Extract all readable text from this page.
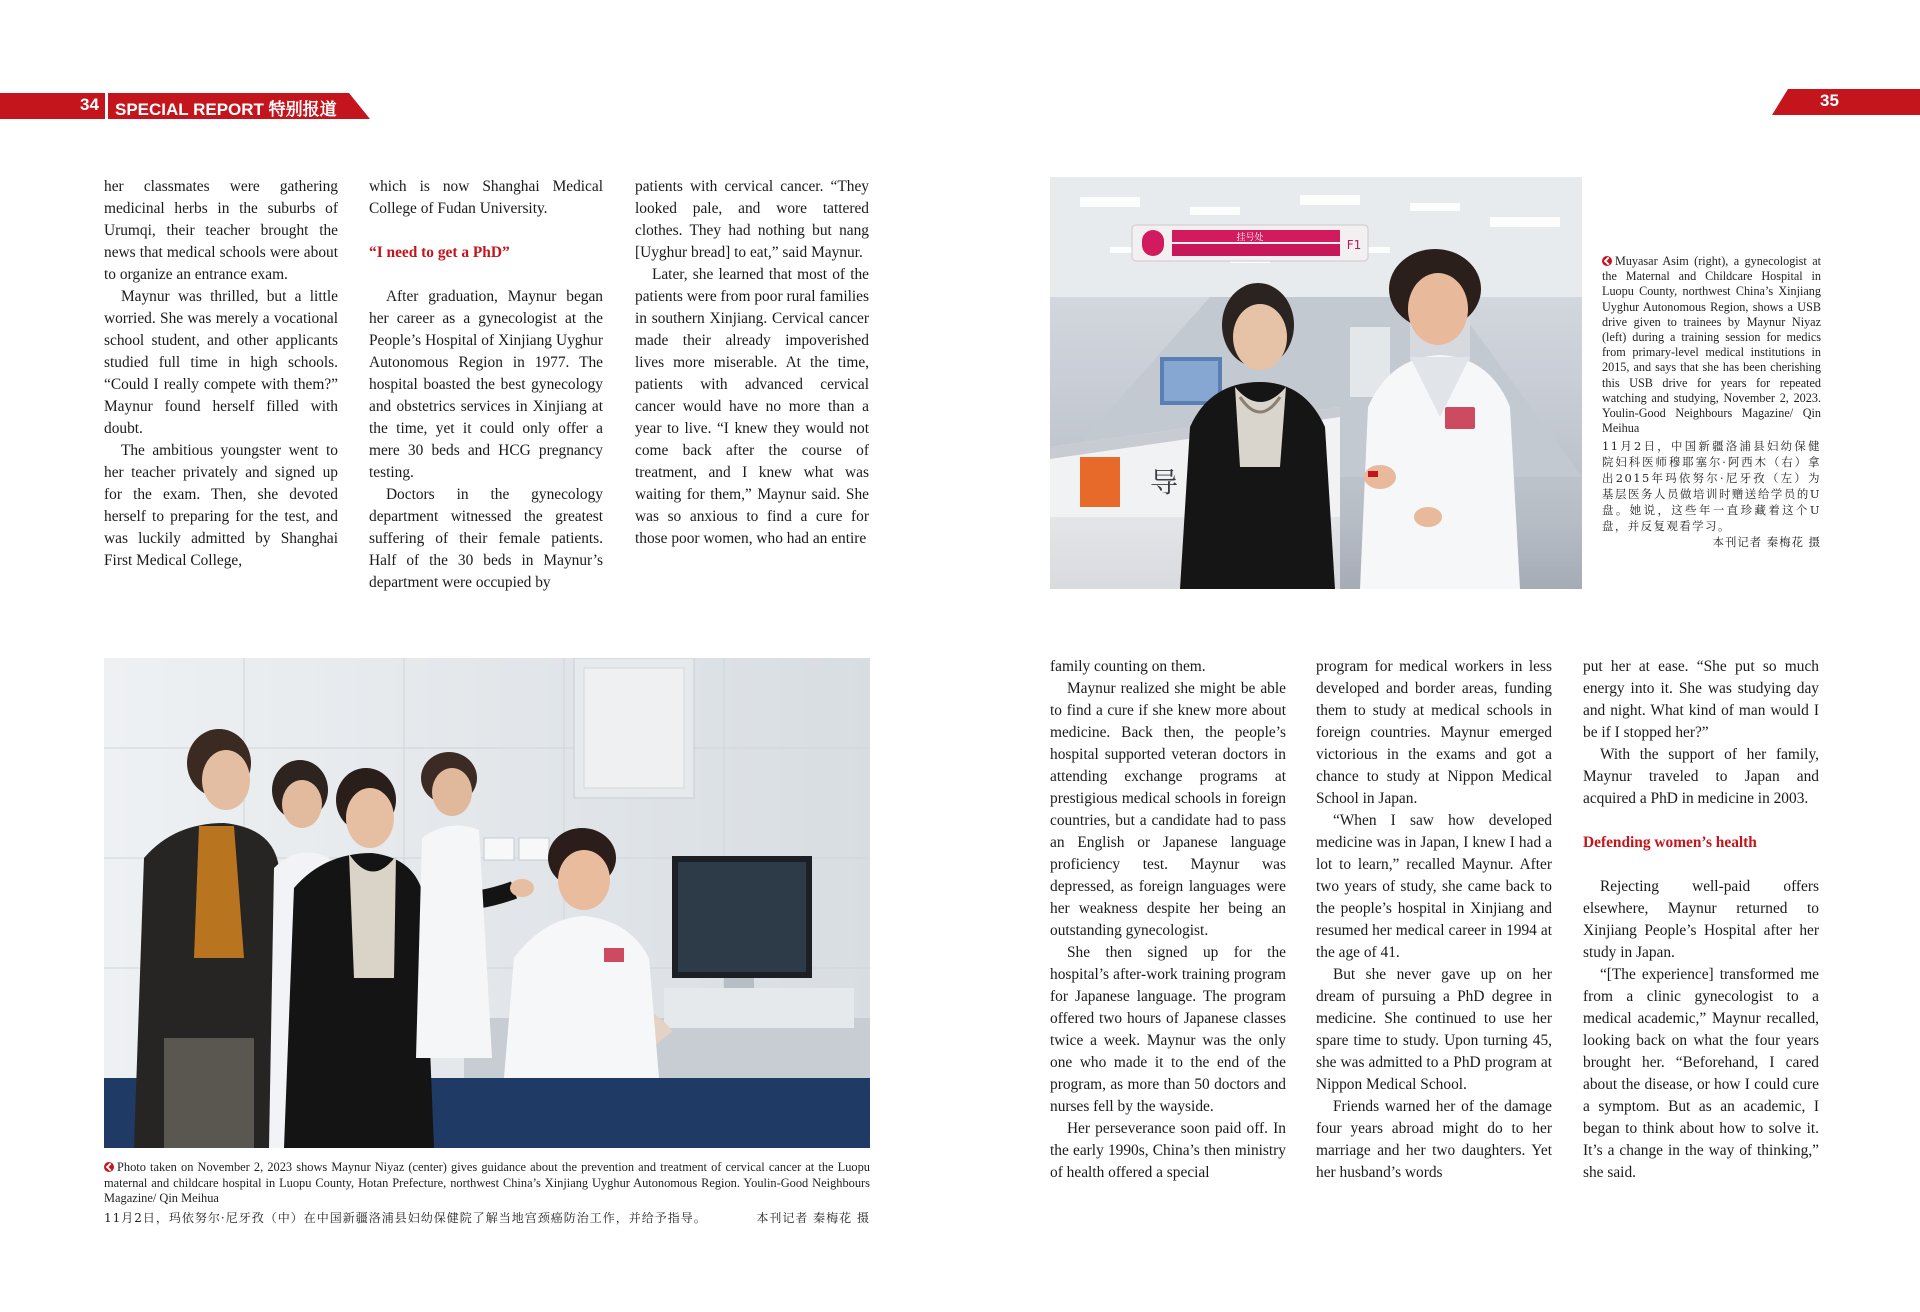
34 SPECIAL REPORT 特别报道	35

her classmates were gathering medicinal herbs in the suburbs of Urumqi, their teacher brought the news that medical schools were about to organize an entrance exam.

Maynur was thrilled, but a little worried. She was merely a vocational school student, and other applicants studied full time in high schools. “Could I really compete with them?” Maynur found herself filled with doubt.

The ambitious youngster went to her teacher privately and signed up for the exam. Then, she devoted herself to preparing for the test, and was luckily admitted by Shanghai First Medical College,

which is now Shanghai Medical College of Fudan University.

“I need to get a PhD”

After graduation, Maynur began her career as a gynecologist at the People’s Hospital of Xinjiang Uyghur Autonomous Region in 1977. The hospital boasted the best gynecology and obstetrics services in Xinjiang at the time, yet it could only offer a mere 30 beds and HCG pregnancy testing.

Doctors in the gynecology department witnessed the greatest suffering of their female patients. Half of the 30 beds in Maynur’s department were occupied by

patients with cervical cancer. “They looked pale, and wore tattered clothes. They had nothing but nang [Uyghur bread] to eat,” said Maynur.

Later, she learned that most of the patients were from poor rural families in southern Xinjiang. Cervical cancer made their already impoverished lives more miserable. At the time, patients with advanced cervical cancer would have no more than a year to live. “I knew they would not come back after the course of treatment, and I knew what was waiting for them,” Maynur said. She was so anxious to find a cure for those poor women, who had an entire

挂号处	F1
导
Muyasar Asim (right), a gynecologist at the Maternal and Childcare Hospital in Luopu County, northwest China’s Xinjiang Uyghur Autonomous Region, shows a USB drive given to trainees by Maynur Niyaz (left) during a training session for medics from primary-level medical institutions in 2015, and says that she has been cherishing this USB drive for years for repeated watching and studying, November 2, 2023. Youlin-Good Neighbours Magazine/ Qin Meihua
11月2日，中国新疆洛浦县妇幼保健院妇科医师穆耶塞尔·阿西木（右）拿出2015年玛依努尔·尼牙孜（左）为基层医务人员做培训时赠送给学员的U盘。她说，这些年一直珍藏着这个U盘，并反复观看学习。
本刊记者 秦梅花 摄
Photo taken on November 2, 2023 shows Maynur Niyaz (center) gives guidance about the prevention and treatment of cervical cancer at the Luopu maternal and childcare hospital in Luopu County, Hotan Prefecture, northwest China’s Xinjiang Uyghur Autonomous Region. Youlin-Good Neighbours Magazine/ Qin Meihua
11月2日，玛依努尔·尼牙孜（中）在中国新疆洛浦县妇幼保健院了解当地宫颈癌防治工作，并给予指导。	本刊记者 秦梅花 摄

family counting on them.

Maynur realized she might be able to find a cure if she knew more about medicine. Back then, the people’s hospital supported veteran doctors in attending exchange programs at prestigious medical schools in foreign countries, but a candidate had to pass an English or Japanese language proficiency test. Maynur was depressed, as foreign languages were her weakness despite her being an outstanding gynecologist.

She then signed up for the hospital’s after-work training program for Japanese language. The program offered two hours of Japanese classes twice a week. Maynur was the only one who made it to the end of the program, as more than 50 doctors and nurses fell by the wayside.

Her perseverance soon paid off. In the early 1990s, China’s then ministry of health offered a special

program for medical workers in less developed and border areas, funding them to study at medical schools in foreign countries. Maynur emerged victorious in the exams and got a chance to study at Nippon Medical School in Japan.

“When I saw how developed medicine was in Japan, I knew I had a lot to learn,” recalled Maynur. After two years of study, she came back to the people’s hospital in Xinjiang and resumed her medical career in 1994 at the age of 41.

But she never gave up on her dream of pursuing a PhD degree in medicine. She continued to use her spare time to study. Upon turning 45, she was admitted to a PhD program at Nippon Medical School.

Friends warned her of the damage four years abroad might do to her marriage and her two daughters. Yet her husband’s words

put her at ease. “She put so much energy into it. She was studying day and night. What kind of man would I be if I stopped her?”

With the support of her family, Maynur traveled to Japan and acquired a PhD in medicine in 2003.

Defending women’s health

Rejecting well-paid offers elsewhere, Maynur returned to Xinjiang People’s Hospital after her study in Japan.

“[The experience] transformed me from a clinic gynecologist to a medical academic,” Maynur recalled, looking back on what the four years brought her. “Beforehand, I cared about the disease, or how I could cure a symptom. But as an academic, I began to think about how to solve it. It’s a change in the way of thinking,” she said.
